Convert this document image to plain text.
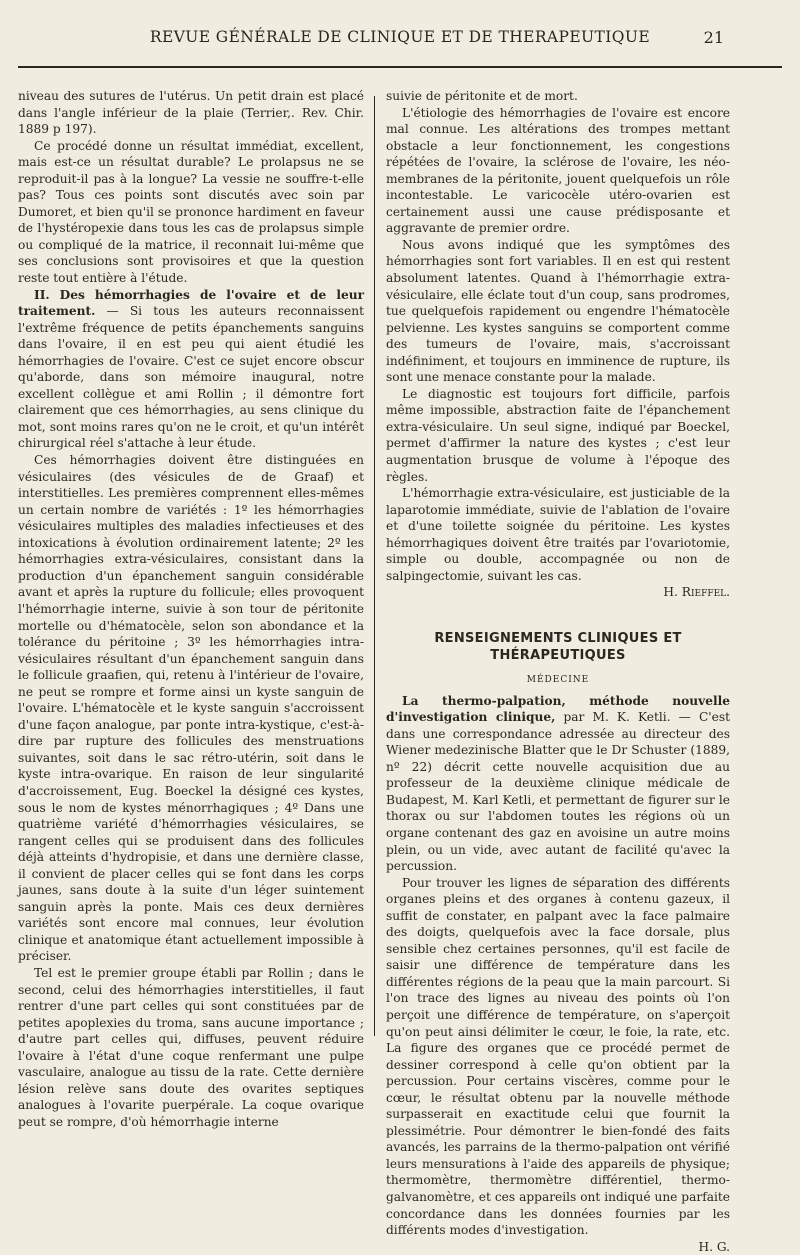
REVUE GÉNÉRALE DE CLINIQUE ET DE THERAPEUTIQUE	21

niveau des sutures de l'utérus. Un petit drain est placé dans l'angle inférieur de la plaie (Terrier,. Rev. Chir. 1889 p 197).

Ce procédé donne un résultat immédiat, excellent, mais est-ce un résultat durable? Le prolapsus ne se reproduit-il pas à la longue? La vessie ne souffre-t-elle pas? Tous ces points sont discutés avec soin par Dumoret, et bien qu'il se prononce hardiment en faveur de l'hystéropexie dans tous les cas de prolapsus simple ou compliqué de la matrice, il reconnait lui-même que ses conclusions sont provisoires et que la question reste tout entière à l'étude.

II. Des hémorrhagies de l'ovaire et de leur traitement. — Si tous les auteurs reconnaissent l'extrême fréquence de petits épanchements sanguins dans l'ovaire, il en est peu qui aient étudié les hémorrhagies de l'ovaire. C'est ce sujet encore obscur qu'aborde, dans son mémoire inaugural, notre excellent collègue et ami Rollin ; il démontre fort clairement que ces hémorrhagies, au sens clinique du mot, sont moins rares qu'on ne le croit, et qu'un intérêt chirurgical réel s'attache à leur étude.

Ces hémorrhagies doivent être distinguées en vésiculaires (des vésicules de de Graaf) et interstitielles. Les premières comprennent elles-mêmes un certain nombre de variétés : 1º les hémorrhagies vésiculaires multiples des maladies infectieuses et des intoxications à évolution ordinairement latente; 2º les hémorrhagies extra-vésiculaires, consistant dans la production d'un épanchement sanguin considérable avant et après la rupture du follicule; elles provoquent l'hémorrhagie interne, suivie à son tour de péritonite mortelle ou d'hématocèle, selon son abondance et la tolérance du péritoine ; 3º les hémorrhagies intra-vésiculaires résultant d'un épanchement sanguin dans le follicule graafien, qui, retenu à l'intérieur de l'ovaire, ne peut se rompre et forme ainsi un kyste sanguin de l'ovaire. L'hématocèle et le kyste sanguin s'accroissent d'une façon analogue, par ponte intra-kystique, c'est-à-dire par rupture des follicules des menstruations suivantes, soit dans le sac rétro-utérin, soit dans le kyste intra-ovarique. En raison de leur singularité d'accroissement, Eug. Boeckel la désigné ces kystes, sous le nom de kystes ménorrhagiques ; 4º Dans une quatrième variété d'hémorrhagies vésiculaires, se rangent celles qui se produisent dans des follicules déjà atteints d'hydropisie, et dans une dernière classe, il convient de placer celles qui se font dans les corps jaunes, sans doute à la suite d'un léger suintement sanguin après la ponte. Mais ces deux dernières variétés sont encore mal connues, leur évolution clinique et anatomique étant actuellement impossible à préciser.

Tel est le premier groupe établi par Rollin ; dans le second, celui des hémorrhagies interstitielles, il faut rentrer d'une part celles qui sont constituées par de petites apoplexies du troma, sans aucune importance ; d'autre part celles qui, diffuses, peuvent réduire l'ovaire à l'état d'une coque renfermant une pulpe vasculaire, analogue au tissu de la rate. Cette dernière lésion relève sans doute des ovarites septiques analogues à l'ovarite puerpérale. La coque ovarique peut se rompre, d'où hémorrhagie interne

suivie de péritonite et de mort.

L'étiologie des hémorrhagies de l'ovaire est encore mal connue. Les altérations des trompes mettant obstacle a leur fonctionnement, les congestions répétées de l'ovaire, la sclérose de l'ovaire, les néo-membranes de la péritonite, jouent quelquefois un rôle incontestable. Le varicocèle utéro-ovarien est certainement aussi une cause prédisposante et aggravante de premier ordre.

Nous avons indiqué que les symptômes des hémorrhagies sont fort variables. Il en est qui restent absolument latentes. Quand à l'hémorrhagie extra-vésiculaire, elle éclate tout d'un coup, sans prodromes, tue quelquefois rapidement ou engendre l'hématocèle pelvienne. Les kystes sanguins se comportent comme des tumeurs de l'ovaire, mais, s'accroissant indéfiniment, et toujours en imminence de rupture, ils sont une menace constante pour la malade.

Le diagnostic est toujours fort difficile, parfois même impossible, abstraction faite de l'épanchement extra-vésiculaire. Un seul signe, indiqué par Boeckel, permet d'affirmer la nature des kystes ; c'est leur augmentation brusque de volume à l'époque des règles.

L'hémorrhagie extra-vésiculaire, est justiciable de la laparotomie immédiate, suivie de l'ablation de l'ovaire et d'une toilette soignée du péritoine. Les kystes hémorrhagiques doivent être traités par l'ovariotomie, simple ou double, accompagnée ou non de salpingectomie, suivant les cas.

H. Rieffel.

RENSEIGNEMENTS CLINIQUES ET THÉRAPEUTIQUES
MÉDECINE

La thermo-palpation, méthode nouvelle d'investigation clinique, par M. K. Ketli. — C'est dans une correspondance adressée au directeur des Wiener medezinische Blatter que le Dr Schuster (1889, nº 22) décrit cette nouvelle acquisition due au professeur de la deuxième clinique médicale de Budapest, M. Karl Ketli, et permettant de figurer sur le thorax ou sur l'abdomen toutes les régions où un organe contenant des gaz en avoisine un autre moins plein, ou un vide, avec autant de facilité qu'avec la percussion.

Pour trouver les lignes de séparation des différents organes pleins et des organes à contenu gazeux, il suffit de constater, en palpant avec la face palmaire des doigts, quelquefois avec la face dorsale, plus sensible chez certaines personnes, qu'il est facile de saisir une différence de température dans les différentes régions de la peau que la main parcourt. Si l'on trace des lignes au niveau des points où l'on perçoit une différence de température, on s'aperçoit qu'on peut ainsi délimiter le cœur, le foie, la rate, etc. La figure des organes que ce procédé permet de dessiner correspond à celle qu'on obtient par la percussion. Pour certains viscères, comme pour le cœur, le résultat obtenu par la nouvelle méthode surpasserait en exactitude celui que fournit la plessimétrie. Pour démontrer le bien-fondé des faits avancés, les parrains de la thermo-palpation ont vérifié leurs mensurations à l'aide des appareils de physique; thermomètre, thermomètre différentiel, thermo-galvanomètre, et ces appareils ont indiqué une parfaite concordance dans les données fournies par les différents modes d'investigation.

H. G.
